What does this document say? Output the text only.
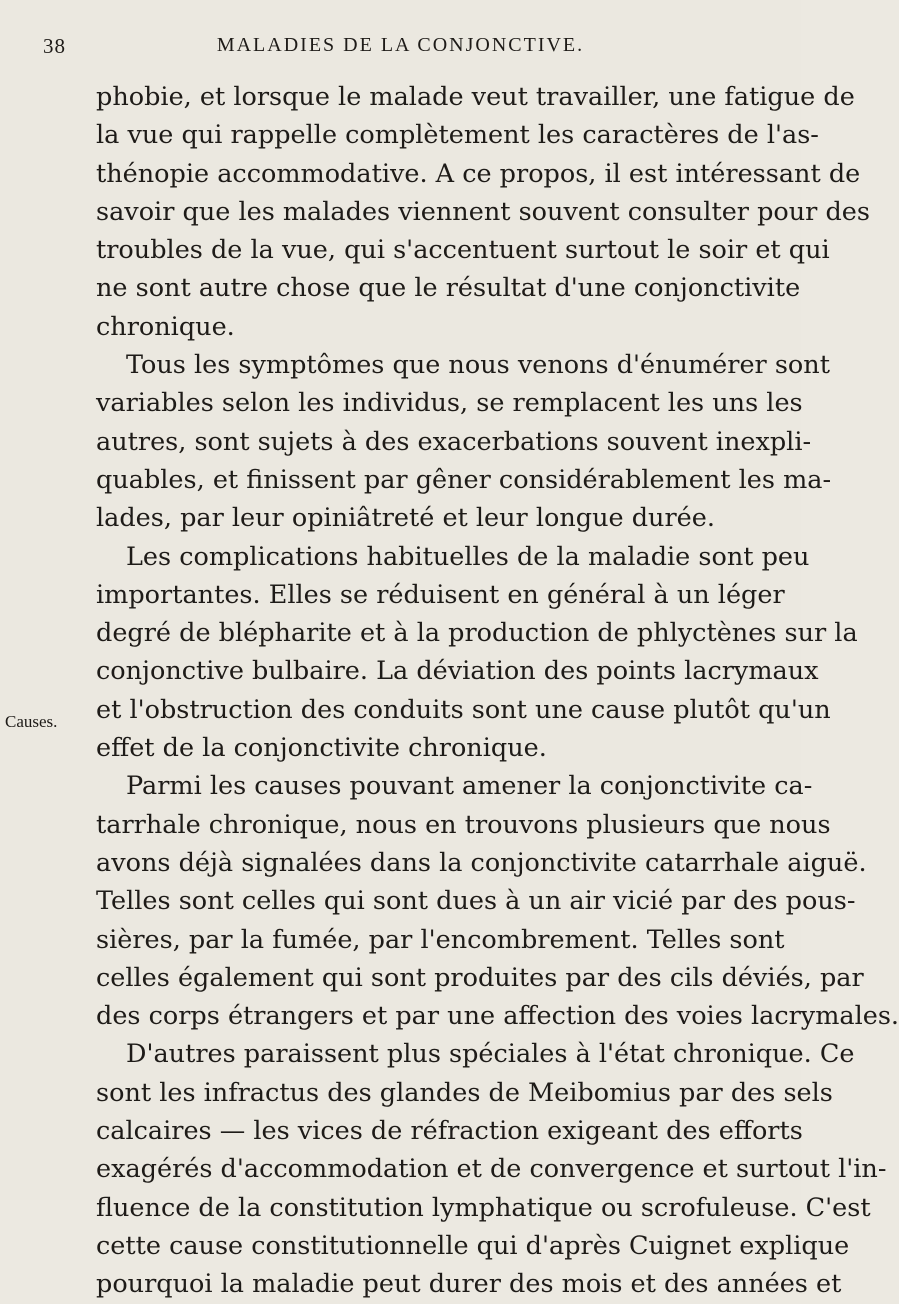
38	MALADIES DE LA CONJONCTIVE.
Causes.
phobie, et lorsque le malade veut travailler, une fatigue de
la vue qui rappelle complètement les caractères de l'as-
thénopie accommodative. A ce propos, il est intéressant de
savoir que les malades viennent souvent consulter pour des
troubles de la vue, qui s'accentuent surtout le soir et qui
ne sont autre chose que le résultat d'une conjonctivite
chronique.
Tous les symptômes que nous venons d'énumérer sont
variables selon les individus, se remplacent les uns les
autres, sont sujets à des exacerbations souvent inexpli-
quables, et finissent par gêner considérablement les ma-
lades, par leur opiniâtreté et leur longue durée.
Les complications habituelles de la maladie sont peu
importantes. Elles se réduisent en général à un léger
degré de blépharite et à la production de phlyctènes sur la
conjonctive bulbaire. La déviation des points lacrymaux
et l'obstruction des conduits sont une cause plutôt qu'un
effet de la conjonctivite chronique.
Parmi les causes pouvant amener la conjonctivite ca-
tarrhale chronique, nous en trouvons plusieurs que nous
avons déjà signalées dans la conjonctivite catarrhale aiguë.
Telles sont celles qui sont dues à un air vicié par des pous-
sières, par la fumée, par l'encombrement. Telles sont
celles également qui sont produites par des cils déviés, par
des corps étrangers et par une affection des voies lacrymales.
D'autres paraissent plus spéciales à l'état chronique. Ce
sont les infractus des glandes de Meibomius par des sels
calcaires — les vices de réfraction exigeant des efforts
exagérés d'accommodation et de convergence et surtout l'in-
fluence de la constitution lymphatique ou scrofuleuse. C'est
cette cause constitutionnelle qui d'après Cuignet explique
pourquoi la maladie peut durer des mois et des années et
